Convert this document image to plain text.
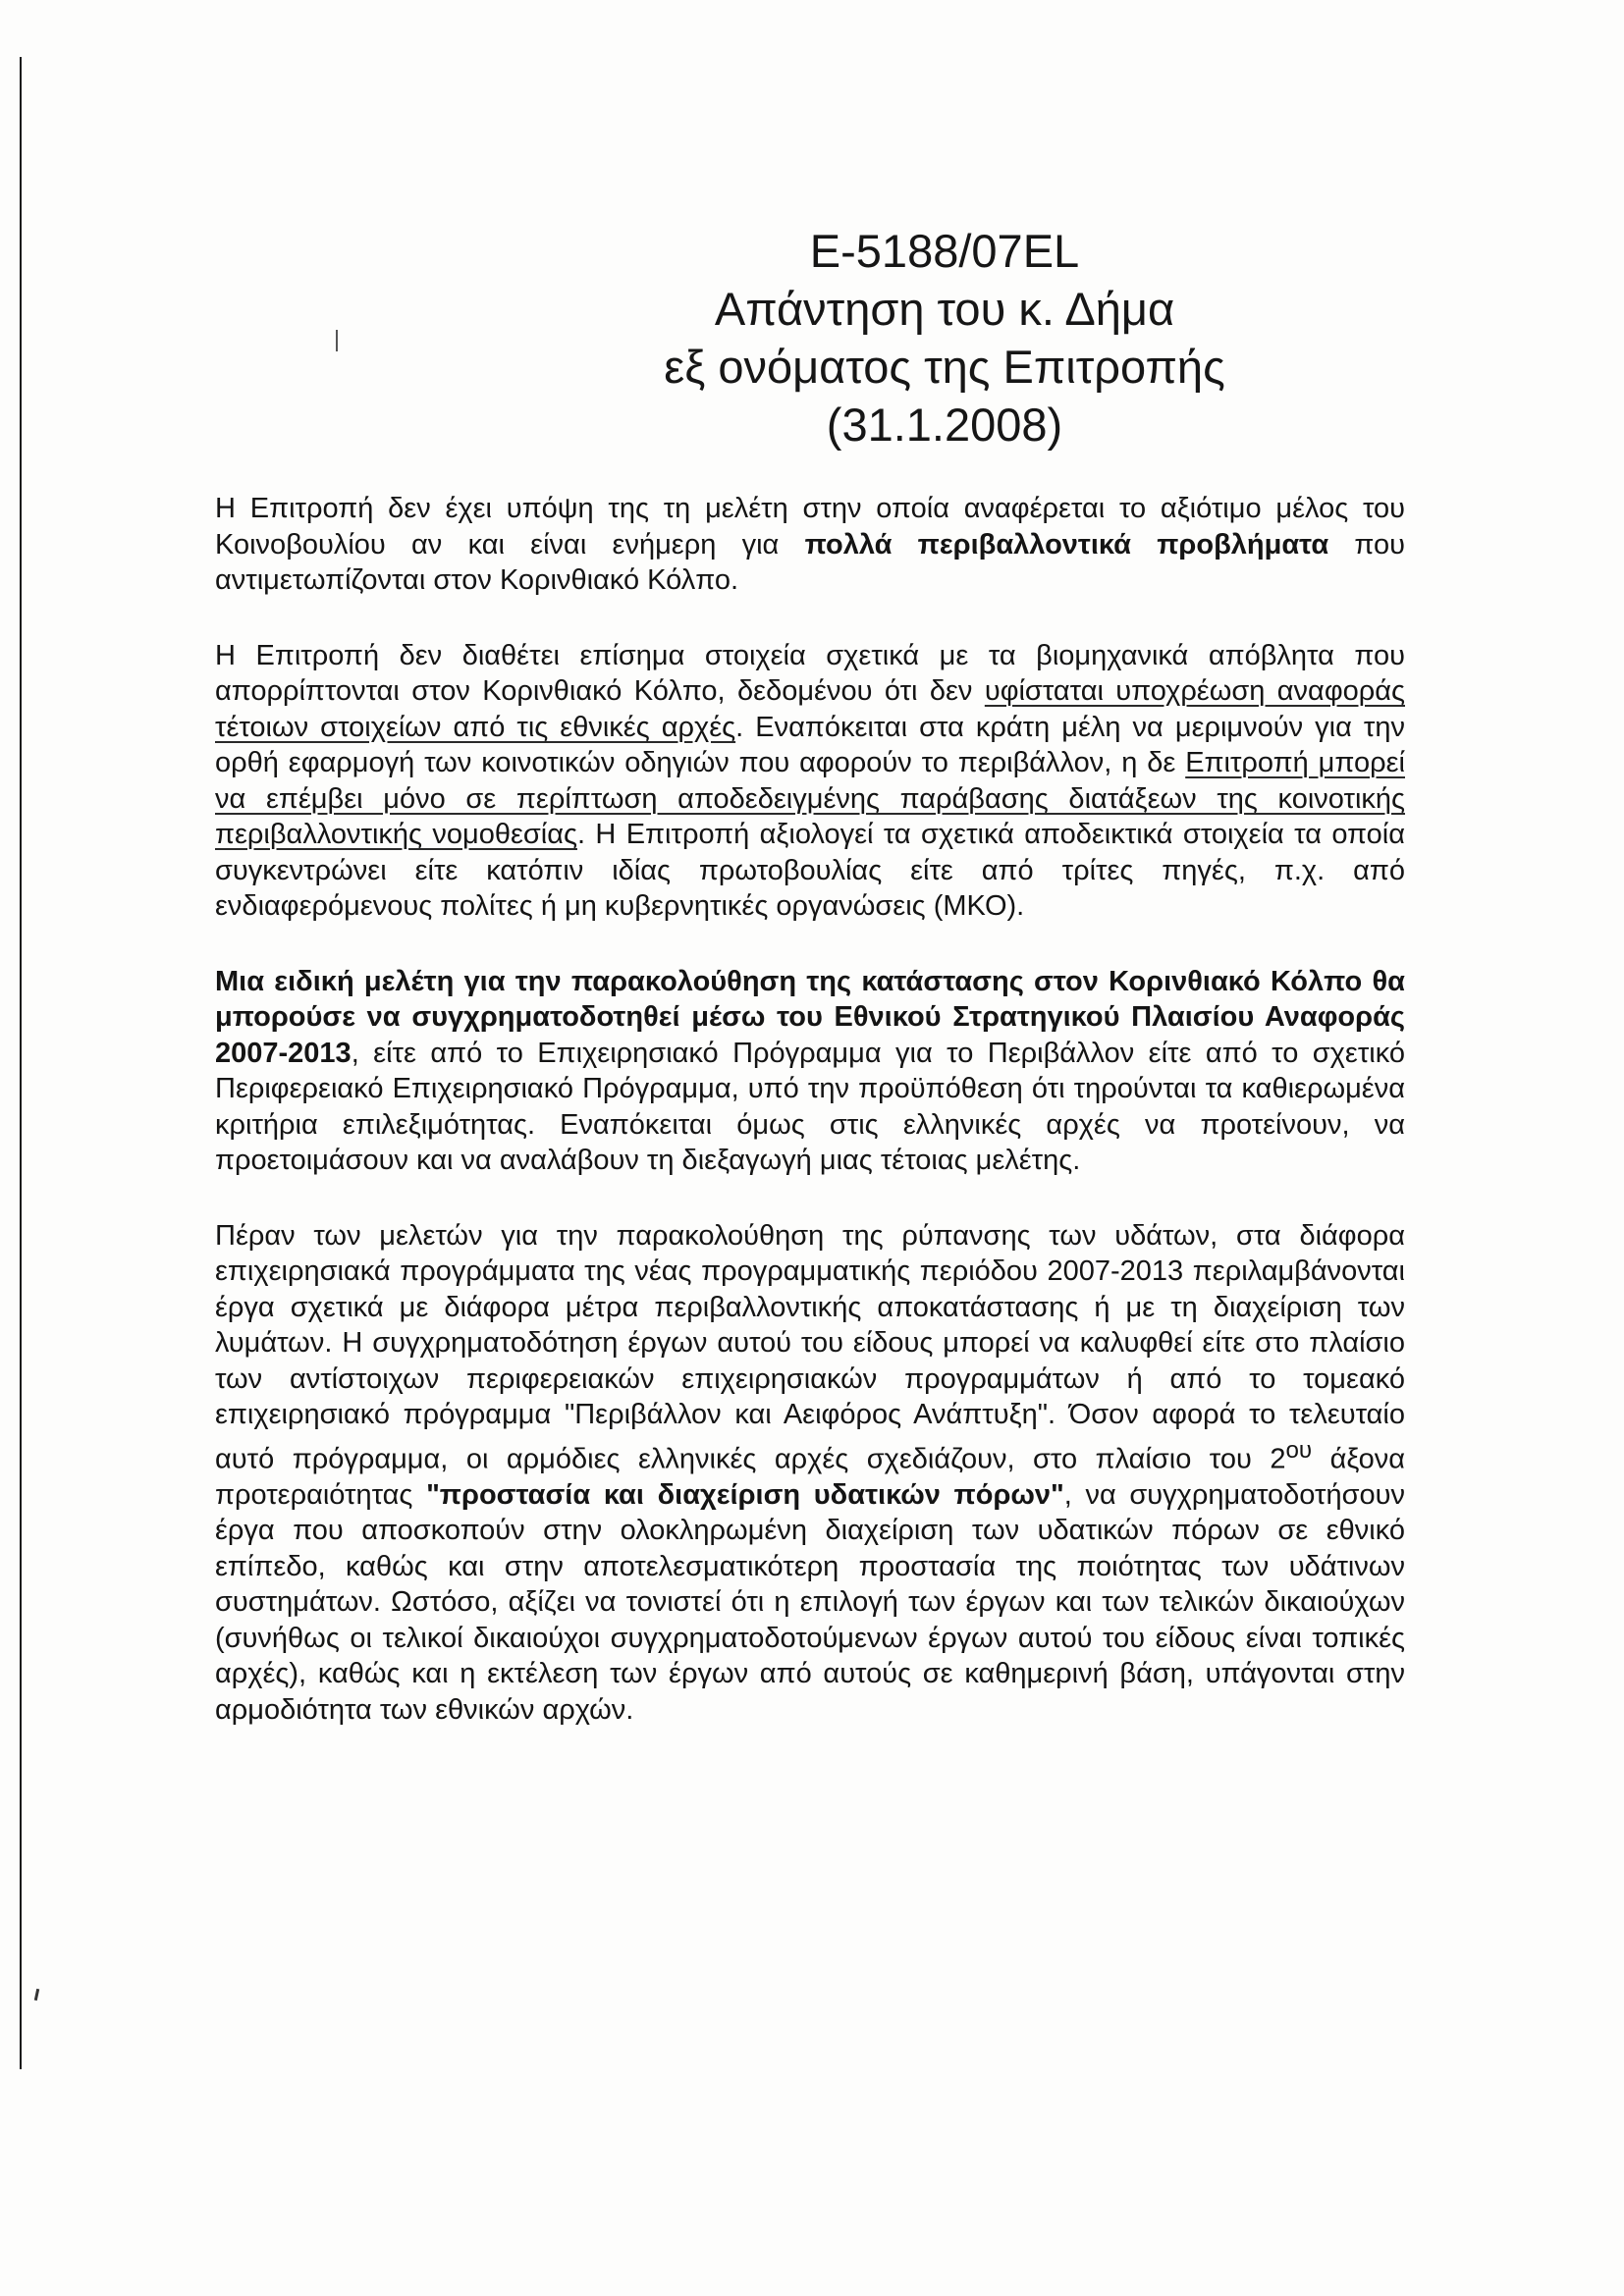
E-5188/07EL
Απάντηση του κ. Δήμα
εξ ονόματος της Επιτροπής
(31.1.2008)

Η Επιτροπή δεν έχει υπόψη της τη μελέτη στην οποία αναφέρεται το αξιότιμο μέλος του Κοινοβουλίου αν και είναι ενήμερη για πολλά περιβαλλοντικά προβλήματα που αντιμετωπίζονται στον Κορινθιακό Κόλπο.

Η Επιτροπή δεν διαθέτει επίσημα στοιχεία σχετικά με τα βιομηχανικά απόβλητα που απορρίπτονται στον Κορινθιακό Κόλπο, δεδομένου ότι δεν υφίσταται υποχρέωση αναφοράς τέτοιων στοιχείων από τις εθνικές αρχές. Εναπόκειται στα κράτη μέλη να μεριμνούν για την ορθή εφαρμογή των κοινοτικών οδηγιών που αφορούν το περιβάλλον, η δε Επιτροπή μπορεί να επέμβει μόνο σε περίπτωση αποδεδειγμένης παράβασης διατάξεων της κοινοτικής περιβαλλοντικής νομοθεσίας. Η Επιτροπή αξιολογεί τα σχετικά αποδεικτικά στοιχεία τα οποία συγκεντρώνει είτε κατόπιν ιδίας πρωτοβουλίας είτε από τρίτες πηγές, π.χ. από ενδιαφερόμενους πολίτες ή μη κυβερνητικές οργανώσεις (ΜΚΟ).

Μια ειδική μελέτη για την παρακολούθηση της κατάστασης στον Κορινθιακό Κόλπο θα μπορούσε να συγχρηματοδοτηθεί μέσω του Εθνικού Στρατηγικού Πλαισίου Αναφοράς 2007-2013, είτε από το Επιχειρησιακό Πρόγραμμα για το Περιβάλλον είτε από το σχετικό Περιφερειακό Επιχειρησιακό Πρόγραμμα, υπό την προϋπόθεση ότι τηρούνται τα καθιερωμένα κριτήρια επιλεξιμότητας. Εναπόκειται όμως στις ελληνικές αρχές να προτείνουν, να προετοιμάσουν και να αναλάβουν τη διεξαγωγή μιας τέτοιας μελέτης.

Πέραν των μελετών για την παρακολούθηση της ρύπανσης των υδάτων, στα διάφορα επιχειρησιακά προγράμματα της νέας προγραμματικής περιόδου 2007-2013 περιλαμβάνονται έργα σχετικά με διάφορα μέτρα περιβαλλοντικής αποκατάστασης ή με τη διαχείριση των λυμάτων. Η συγχρηματοδότηση έργων αυτού του είδους μπορεί να καλυφθεί είτε στο πλαίσιο των αντίστοιχων περιφερειακών επιχειρησιακών προγραμμάτων ή από το τομεακό επιχειρησιακό πρόγραμμα "Περιβάλλον και Αειφόρος Ανάπτυξη". Όσον αφορά το τελευταίο αυτό πρόγραμμα, οι αρμόδιες ελληνικές αρχές σχεδιάζουν, στο πλαίσιο του $2^{o\upsilon}$ άξονα προτεραιότητας "προστασία και διαχείριση υδατικών πόρων", να συγχρηματοδοτήσουν έργα που αποσκοπούν στην ολοκληρωμένη διαχείριση των υδατικών πόρων σε εθνικό επίπεδο, καθώς και στην αποτελεσματικότερη προστασία της ποιότητας των υδάτινων συστημάτων. Ωστόσο, αξίζει να τονιστεί ότι η επιλογή των έργων και των τελικών δικαιούχων (συνήθως οι τελικοί δικαιούχοι συγχρηματοδοτούμενων έργων αυτού του είδους είναι τοπικές αρχές), καθώς και η εκτέλεση των έργων από αυτούς σε καθημερινή βάση, υπάγονται στην αρμοδιότητα των εθνικών αρχών.
